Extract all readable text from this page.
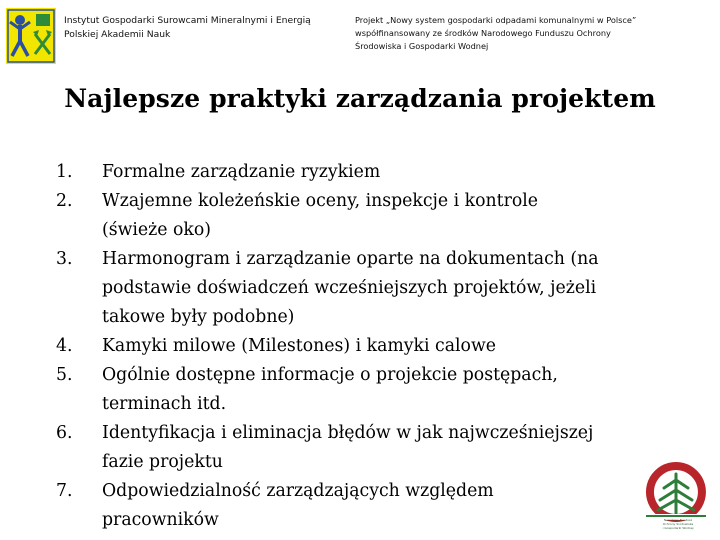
Instytut Gospodarki Surowcami Mineralnymi i Energią
Polskiej Akademii Nauk
Projekt „Nowy system gospodarki odpadami komunalnymi w Polsce”
współfinansowany ze środków Narodowego Funduszu Ochrony
Środowiska i Gospodarki Wodnej
Najlepsze praktyki zarządzania projektem
1. Formalne zarządzanie ryzykiem
2. Wzajemne koleżeńskie oceny, inspekcje i kontrole
(świeże oko)
3. Harmonogram i zarządzanie oparte na dokumentach (na
podstawie doświadczeń wcześniejszych projektów, jeżeli
takowe były podobne)
4. Kamyki milowe (Milestones) i kamyki calowe
5. Ogólnie dostępne informacje o projekcie postępach,
terminach itd.
6. Identyfikacja i eliminacja błędów w jak najwcześniejszej
fazie projektu
7. Odpowiedzialność zarządzających względem
pracowników	Narodowy Fundusz
Ochrony Środowiska
i Gospodarki Wodnej
